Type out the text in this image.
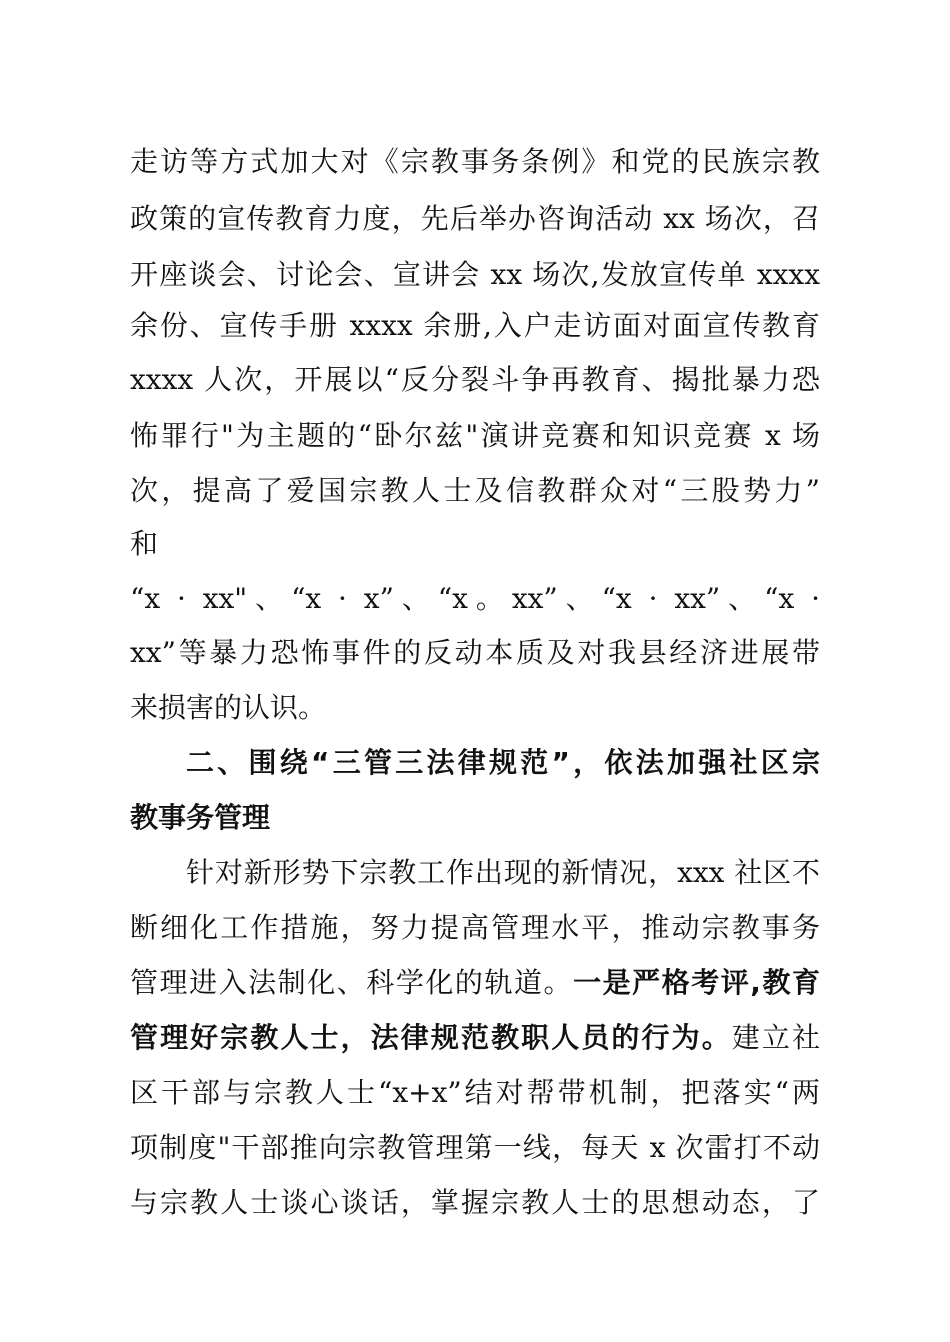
走访等方式加大对《宗教事务条例》和党的民族宗教
政策的宣传教育力度，先后举办咨询活动 xx 场次，召
开座谈会、讨论会、宣讲会 xx 场次,发放宣传单 xxxx
余份、宣传手册 xxxx 余册,入户走访面对面宣传教育
xxxx 人次，开展以“反分裂斗争再教育、揭批暴力恐
怖罪行"为主题的“卧尔兹"演讲竞赛和知识竞赛 x 场
次，提高了爱国宗教人士及信教群众对“三股势力”
和
“x · xx"、“x · x”、“x。xx”、“x · xx”、“x ·
xx”等暴力恐怖事件的反动本质及对我县经济进展带
来损害的认识。
二、围绕“三管三法律规范”，依法加强社区宗
教事务管理
针对新形势下宗教工作出现的新情况，xxx 社区不
断细化工作措施，努力提高管理水平，推动宗教事务
管理进入法制化、科学化的轨道。一是严格考评,教育
管理好宗教人士，法律规范教职人员的行为。建立社
区干部与宗教人士“x+x”结对帮带机制，把落实“两
项制度"干部推向宗教管理第一线，每天 x 次雷打不动
与宗教人士谈心谈话，掌握宗教人士的思想动态，了
